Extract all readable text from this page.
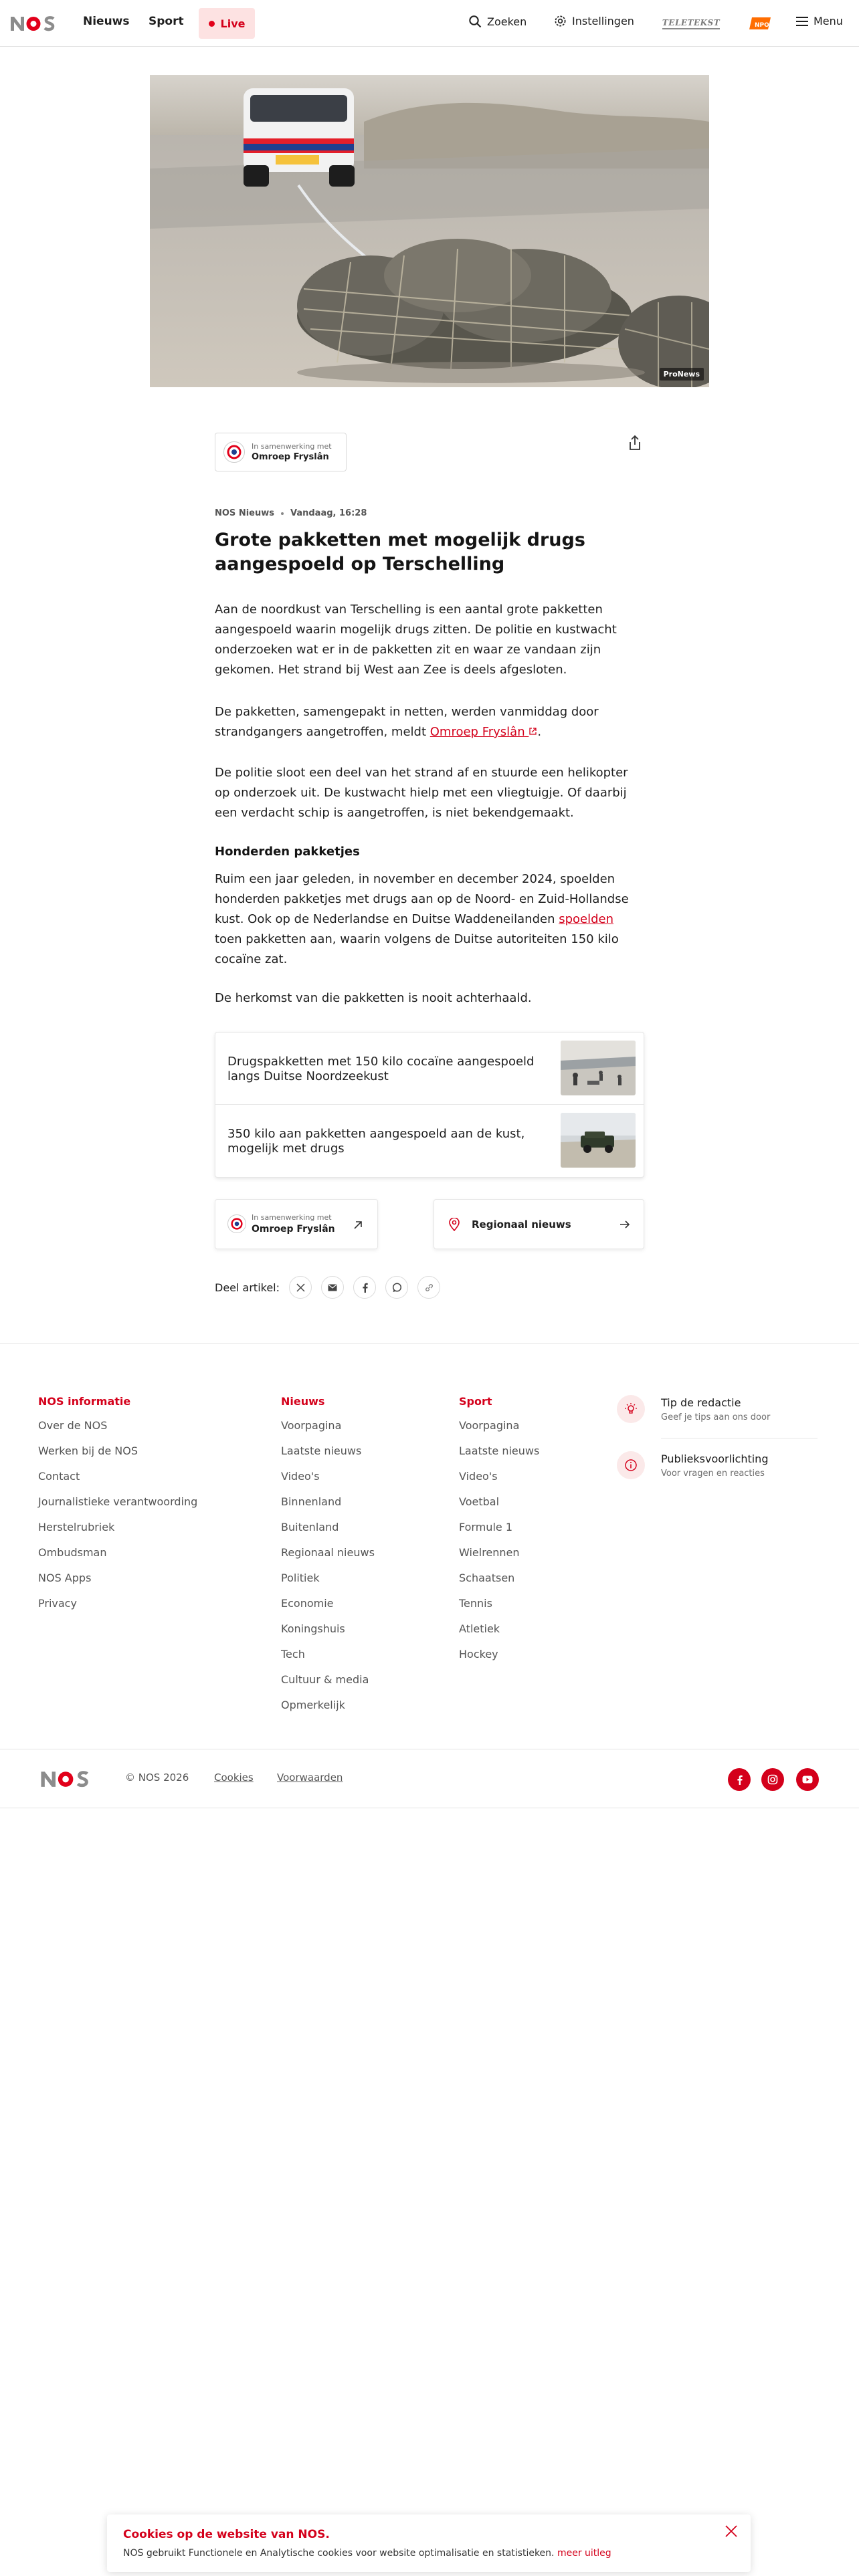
Nieuws Sport	Live	Zoeken	Instellingen	TELETEKST	NPO	Menu
ProNews
In samenwerking met
Omroep Fryslân
NOS Nieuws Vandaag, 16:28
Grote pakketten met mogelijk drugs aangespoeld op Terschelling

Aan de noordkust van Terschelling is een aantal grote pakketten aangespoeld waarin mogelijk drugs zitten. De politie en kustwacht onderzoeken wat er in de pakketten zit en waar ze vandaan zijn gekomen. Het strand bij West aan Zee is deels afgesloten.

De pakketten, samengepakt in netten, werden vanmiddag door strandgangers aangetroffen, meldt Omroep Fryslân .

De politie sloot een deel van het strand af en stuurde een helikopter op onderzoek uit. De kustwacht hielp met een vliegtuigje. Of daarbij een verdacht schip is aangetroffen, is niet bekendgemaakt.

Honderden pakketjes

Ruim een jaar geleden, in november en december 2024, spoelden honderden pakketjes met drugs aan op de Noord- en Zuid-Hollandse kust. Ook op de Nederlandse en Duitse Waddeneilanden spoelden toen pakketten aan, waarin volgens de Duitse autoriteiten 150 kilo cocaïne zat.

De herkomst van die pakketten is nooit achterhaald.

Drugspakketten met 150 kilo cocaïne aangespoeld langs Duitse Noordzeekust
350 kilo aan pakketten aangespoeld aan de kust, mogelijk met drugs
In samenwerking met
Omroep Fryslân	Regionaal nieuws
Deel artikel:
NOS informatie
Over de NOS
Werken bij de NOS
Contact
Journalistieke verantwoording
Herstelrubriek
Ombudsman
NOS Apps
Privacy
Nieuws
Voorpagina
Laatste nieuws
Video's
Binnenland
Buitenland
Regionaal nieuws
Politiek
Economie
Koningshuis
Tech
Cultuur & media
Opmerkelijk
Sport
Voorpagina
Laatste nieuws
Video's
Voetbal
Formule 1
Wielrennen
Schaatsen
Tennis
Atletiek
Hockey
Tip de redactie
Geef je tips aan ons door
Publieksvoorlichting
Voor vragen en reacties
© NOS 2026	Cookies Voorwaarden
Cookies op de website van NOS.
NOS gebruikt Functionele en Analytische cookies voor website optimalisatie en statistieken. meer uitleg
